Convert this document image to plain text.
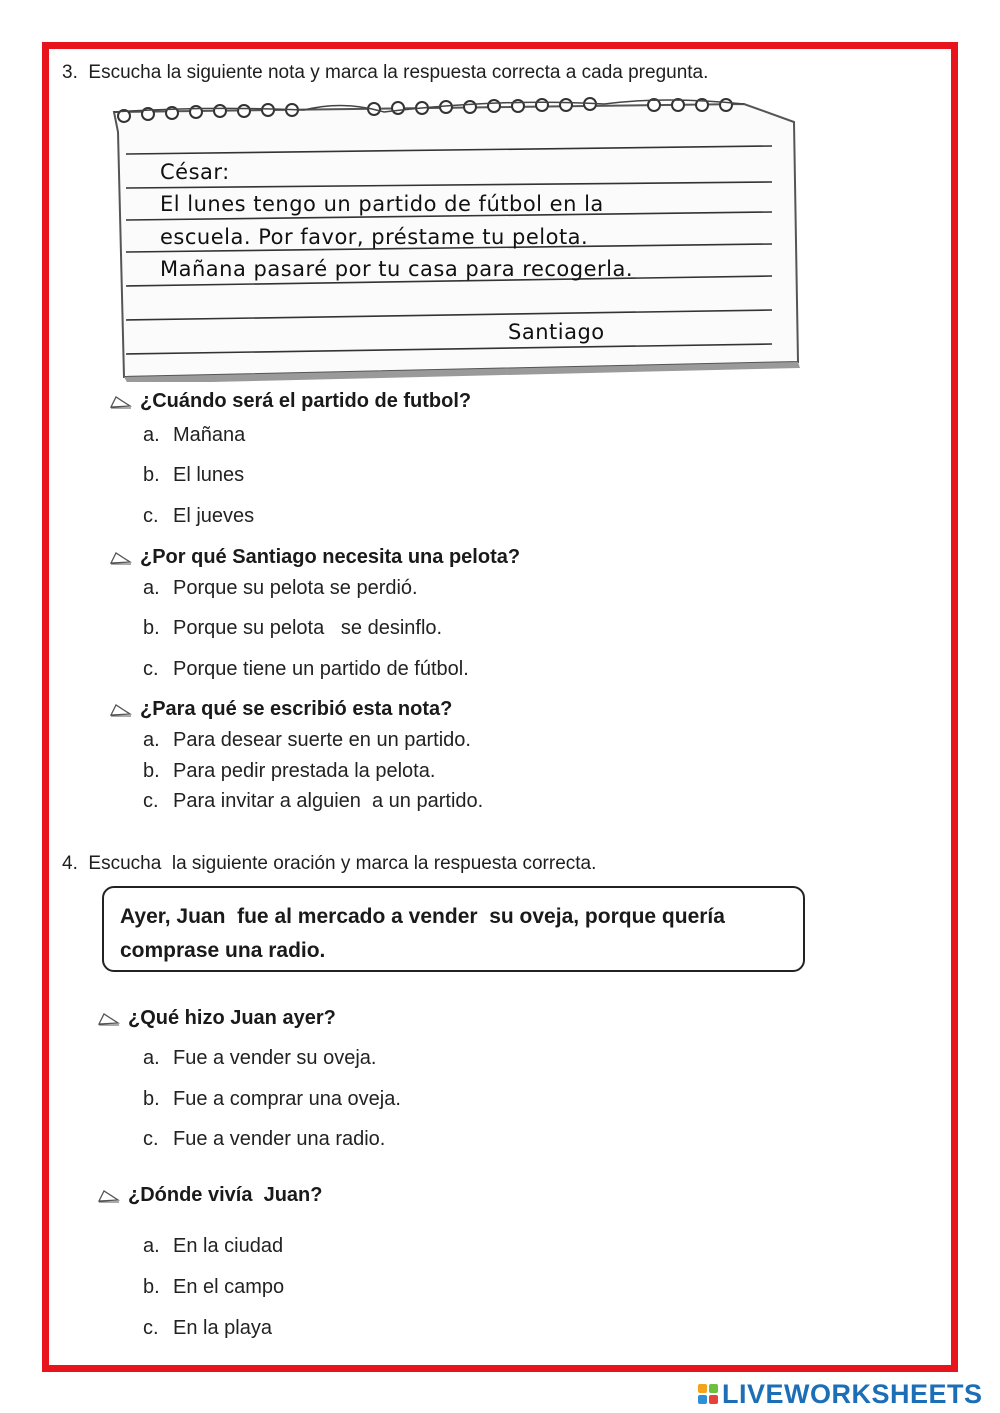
3. Escucha la siguiente nota y marca la respuesta correcta a cada pregunta.
César:
El lunes tengo un partido de fútbol en la
escuela. Por favor, préstame tu pelota.
Mañana pasaré por tu casa para recogerla.
Santiago
¿Cuándo será el partido de futbol?
a. Mañana
b. El lunes
c. El jueves
¿Por qué Santiago necesita una pelota?
a. Porque su pelota se perdió.
b. Porque su pelota   se desinflo.
c. Porque tiene un partido de fútbol.
¿Para qué se escribió esta nota?
a. Para desear suerte en un partido.
b. Para pedir prestada la pelota.
c. Para invitar a alguien  a un partido.
4. Escucha  la siguiente oración y marca la respuesta correcta.
Ayer, Juan  fue al mercado a vender  su oveja, porque quería comprase una radio.
¿Qué hizo Juan ayer?
a. Fue a vender su oveja.
b. Fue a comprar una oveja.
c. Fue a vender una radio.
¿Dónde vivía  Juan?
a. En la ciudad
b. En el campo
c. En la playa
LIVEWORKSHEETS
